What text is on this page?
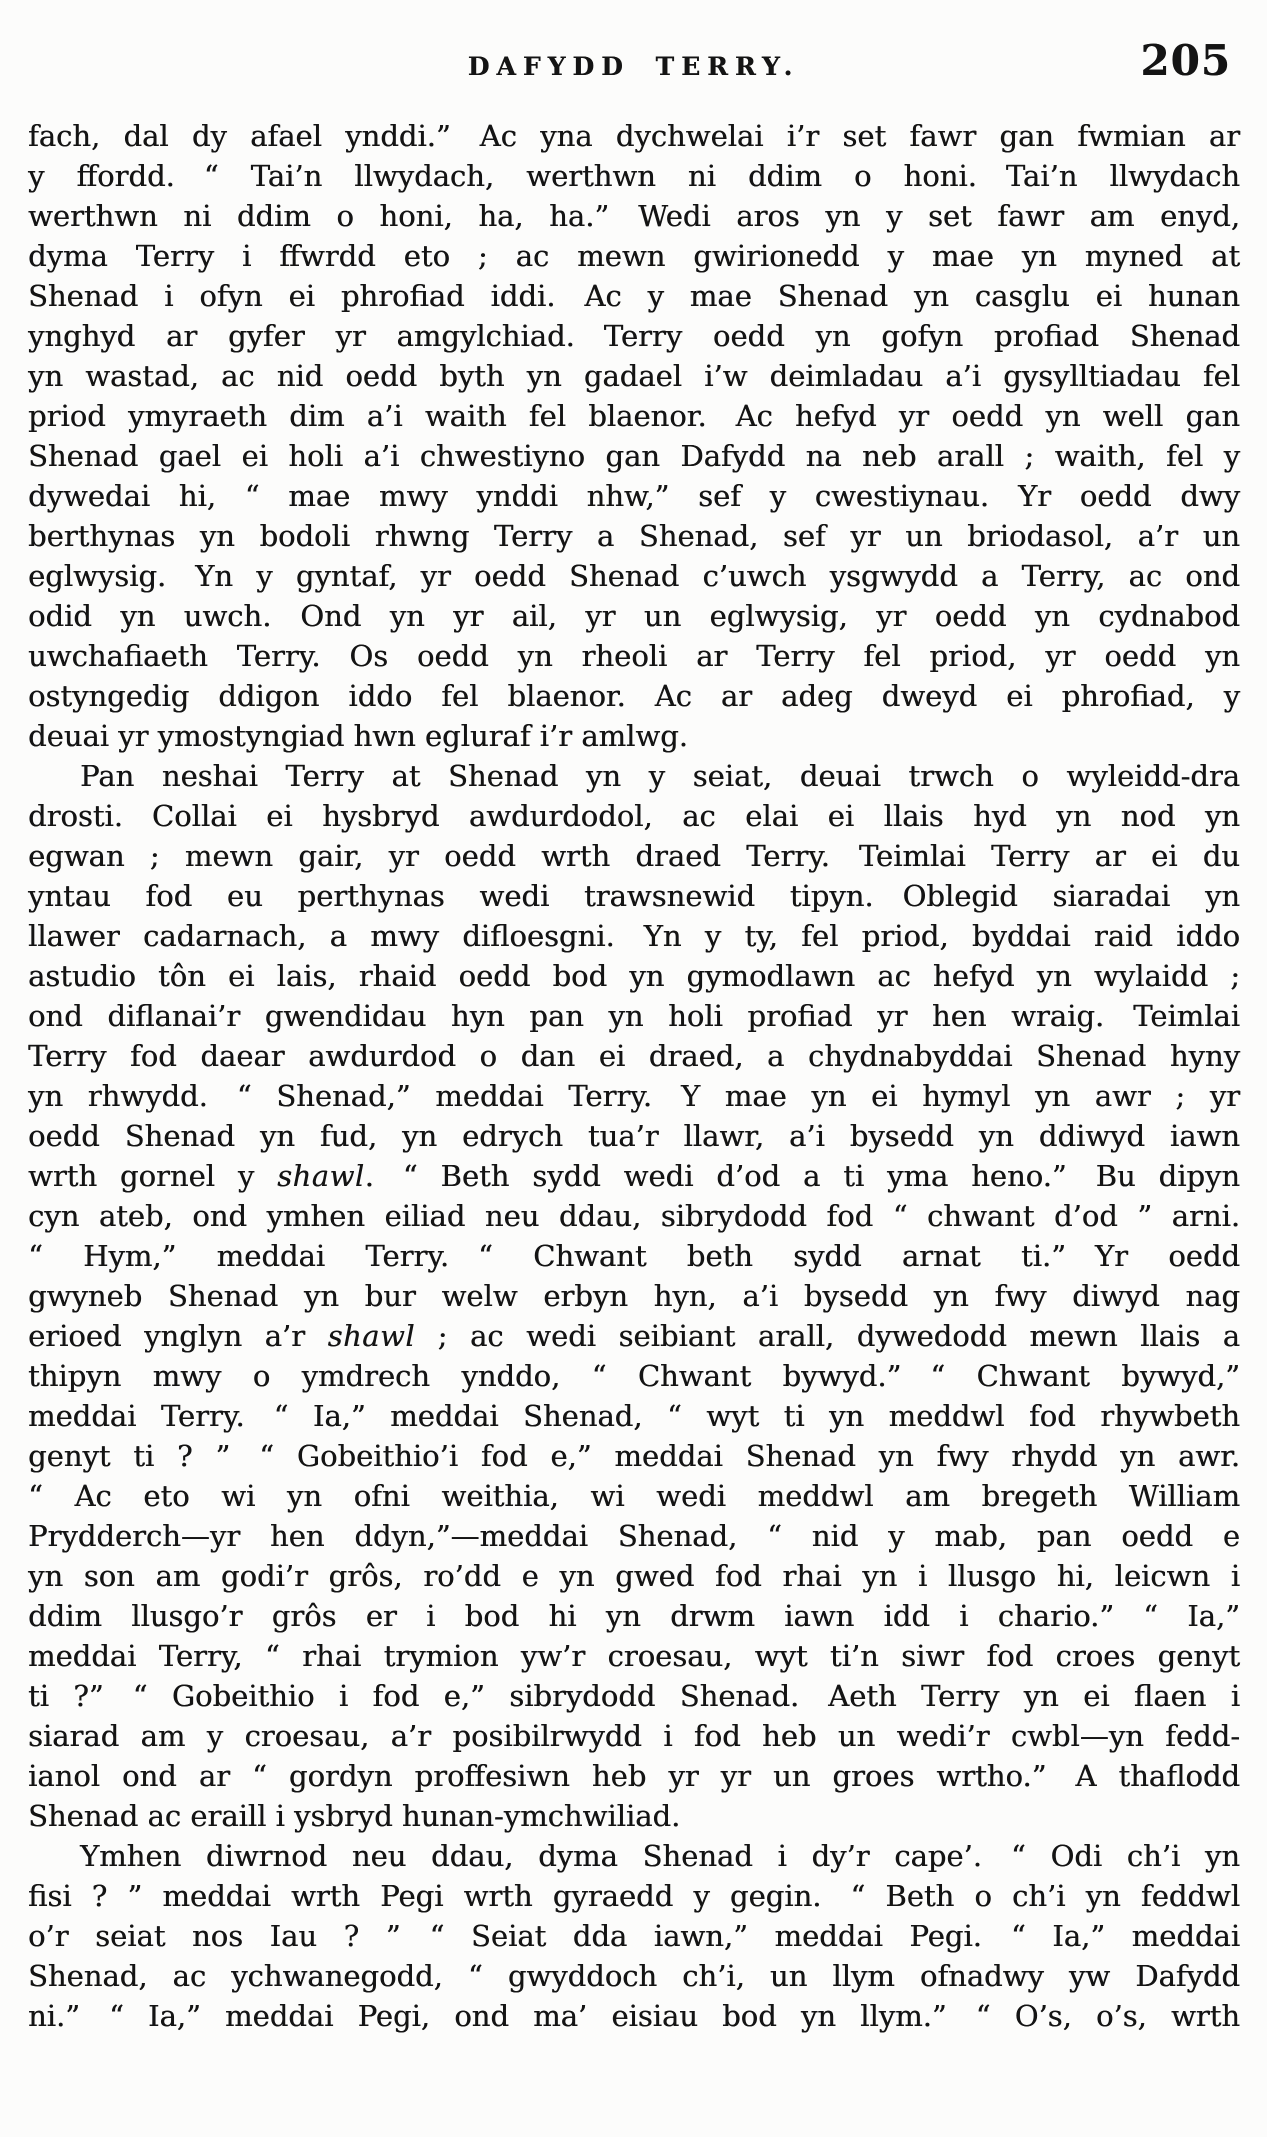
DAFYDD TERRY.	205
fach, dal dy afael ynddi.” Ac yna dychwelai i’r set fawr gan fwmian ar
y ffordd. “ Tai’n llwydach, werthwn ni ddim o honi. Tai’n llwydach
werthwn ni ddim o honi, ha, ha.” Wedi aros yn y set fawr am enyd,
dyma Terry i ffwrdd eto ; ac mewn gwirionedd y mae yn myned at
Shenad i ofyn ei phrofiad iddi. Ac y mae Shenad yn casglu ei hunan
ynghyd ar gyfer yr amgylchiad. Terry oedd yn gofyn profiad Shenad
yn wastad, ac nid oedd byth yn gadael i’w deimladau a’i gysylltiadau fel
priod ymyraeth dim a’i waith fel blaenor. Ac hefyd yr oedd yn well gan
Shenad gael ei holi a’i chwestiyno gan Dafydd na neb arall ; waith, fel y
dywedai hi, “ mae mwy ynddi nhw,” sef y cwestiynau. Yr oedd dwy
berthynas yn bodoli rhwng Terry a Shenad, sef yr un briodasol, a’r un
eglwysig. Yn y gyntaf, yr oedd Shenad c’uwch ysgwydd a Terry, ac ond
odid yn uwch. Ond yn yr ail, yr un eglwysig, yr oedd yn cydnabod
uwchafiaeth Terry. Os oedd yn rheoli ar Terry fel priod, yr oedd yn
ostyngedig ddigon iddo fel blaenor. Ac ar adeg dweyd ei phrofiad, y
deuai yr ymostyngiad hwn egluraf i’r amlwg.
Pan neshai Terry at Shenad yn y seiat, deuai trwch o wyleidd-dra
drosti. Collai ei hysbryd awdurdodol, ac elai ei llais hyd yn nod yn
egwan ; mewn gair, yr oedd wrth draed Terry. Teimlai Terry ar ei du
yntau fod eu perthynas wedi trawsnewid tipyn. Oblegid siaradai yn
llawer cadarnach, a mwy difloesgni. Yn y ty, fel priod, byddai raid iddo
astudio tôn ei lais, rhaid oedd bod yn gymodlawn ac hefyd yn wylaidd ;
ond diflanai’r gwendidau hyn pan yn holi profiad yr hen wraig. Teimlai
Terry fod daear awdurdod o dan ei draed, a chydnabyddai Shenad hyny
yn rhwydd. “ Shenad,” meddai Terry. Y mae yn ei hymyl yn awr ; yr
oedd Shenad yn fud, yn edrych tua’r llawr, a’i bysedd yn ddiwyd iawn
wrth gornel y shawl. “ Beth sydd wedi d’od a ti yma heno.” Bu dipyn
cyn ateb, ond ymhen eiliad neu ddau, sibrydodd fod “ chwant d’od ” arni.
“ Hym,” meddai Terry. “ Chwant beth sydd arnat ti.” Yr oedd
gwyneb Shenad yn bur welw erbyn hyn, a’i bysedd yn fwy diwyd nag
erioed ynglyn a’r shawl ; ac wedi seibiant arall, dywedodd mewn llais a
thipyn mwy o ymdrech ynddo, “ Chwant bywyd.” “ Chwant bywyd,”
meddai Terry. “ Ia,” meddai Shenad, “ wyt ti yn meddwl fod rhywbeth
genyt ti ? ” “ Gobeithio’i fod e,” meddai Shenad yn fwy rhydd yn awr.
“ Ac eto wi yn ofni weithia, wi wedi meddwl am bregeth William
Prydderch—yr hen ddyn,”—meddai Shenad, “ nid y mab, pan oedd e
yn son am godi’r grôs, ro’dd e yn gwed fod rhai yn i llusgo hi, leicwn i
ddim llusgo’r grôs er i bod hi yn drwm iawn idd i chario.” “ Ia,”
meddai Terry, “ rhai trymion yw’r croesau, wyt ti’n siwr fod croes genyt
ti ?” “ Gobeithio i fod e,” sibrydodd Shenad. Aeth Terry yn ei flaen i
siarad am y croesau, a’r posibilrwydd i fod heb un wedi’r cwbl—yn fedd-
ianol ond ar “ gordyn proffesiwn heb yr yr un groes wrtho.” A thaflodd
Shenad ac eraill i ysbryd hunan-ymchwiliad.
Ymhen diwrnod neu ddau, dyma Shenad i dy’r cape’. “ Odi ch’i yn
fisi ? ” meddai wrth Pegi wrth gyraedd y gegin. “ Beth o ch’i yn feddwl
o’r seiat nos Iau ? ” “ Seiat dda iawn,” meddai Pegi. “ Ia,” meddai
Shenad, ac ychwanegodd, “ gwyddoch ch’i, un llym ofnadwy yw Dafydd
ni.” “ Ia,” meddai Pegi, ond ma’ eisiau bod yn llym.” “ O’s, o’s, wrth
